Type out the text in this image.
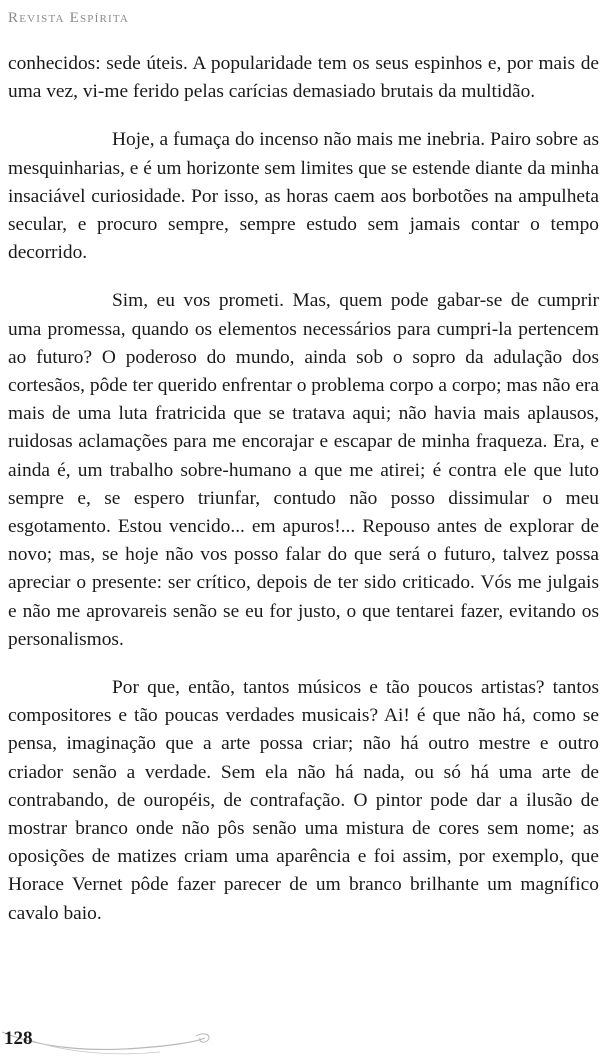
Revista Espírita

conhecidos: sede úteis. A popularidade tem os seus espinhos e, por mais de uma vez, vi-me ferido pelas carícias demasiado brutais da multidão.

Hoje, a fumaça do incenso não mais me inebria. Pairo sobre as mesquinharias, e é um horizonte sem limites que se estende diante da minha insaciável curiosidade. Por isso, as horas caem aos borbotões na ampulheta secular, e procuro sempre, sempre estudo sem jamais contar o tempo decorrido.

Sim, eu vos prometi. Mas, quem pode gabar-se de cumprir uma promessa, quando os elementos necessários para cumpri-la pertencem ao futuro? O poderoso do mundo, ainda sob o sopro da adulação dos cortesãos, pôde ter querido enfrentar o problema corpo a corpo; mas não era mais de uma luta fratricida que se tratava aqui; não havia mais aplausos, ruidosas aclamações para me encorajar e escapar de minha fraqueza. Era, e ainda é, um trabalho sobre-humano a que me atirei; é contra ele que luto sempre e, se espero triunfar, contudo não posso dissimular o meu esgotamento. Estou vencido... em apuros!... Repouso antes de explorar de novo; mas, se hoje não vos posso falar do que será o futuro, talvez possa apreciar o presente: ser crítico, depois de ter sido criticado. Vós me julgais e não me aprovareis senão se eu for justo, o que tentarei fazer, evitando os personalismos.

Por que, então, tantos músicos e tão poucos artistas? tantos compositores e tão poucas verdades musicais? Ai! é que não há, como se pensa, imaginação que a arte possa criar; não há outro mestre e outro criador senão a verdade. Sem ela não há nada, ou só há uma arte de contrabando, de ouropéis, de contrafação. O pintor pode dar a ilusão de mostrar branco onde não pôs senão uma mistura de cores sem nome; as oposições de matizes criam uma aparência e foi assim, por exemplo, que Horace Vernet pôde fazer parecer de um branco brilhante um magnífico cavalo baio.

128
